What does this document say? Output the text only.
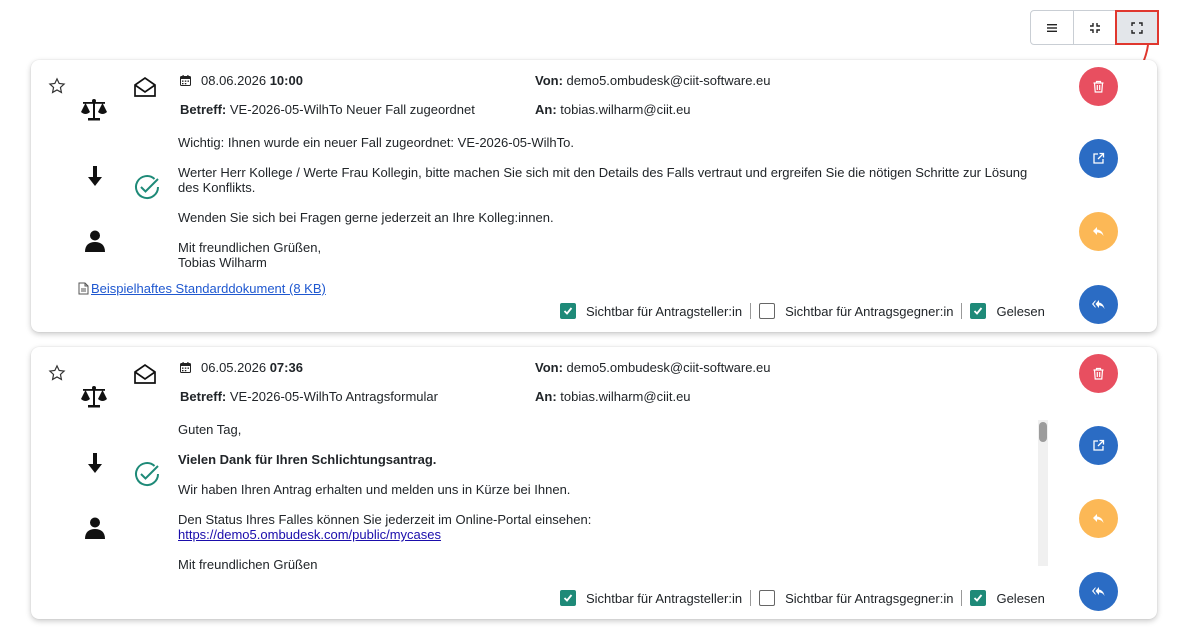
08.06.2026 10:00
Betreff: VE-2026-05-WilhTo Neuer Fall zugeordnet
Von: demo5.ombudesk@ciit-software.eu
An: tobias.wilharm@ciit.eu

Wichtig: Ihnen wurde ein neuer Fall zugeordnet: VE-2026-05-WilhTo.

Werter Herr Kollege / Werte Frau Kollegin, bitte machen Sie sich mit den Details des Falls vertraut und ergreifen Sie die nötigen Schritte zur Lösung des Konflikts.

Wenden Sie sich bei Fragen gerne jederzeit an Ihre Kolleg:innen.

Mit freundlichen Grüßen,
Tobias Wilharm

Beispielhaftes Standarddokument (8 KB)
Sichtbar für Antragsteller:in	Sichtbar für Antragsgegner:in	Gelesen
06.05.2026 07:36
Betreff: VE-2026-05-WilhTo Antragsformular
Von: demo5.ombudesk@ciit-software.eu
An: tobias.wilharm@ciit.eu

Guten Tag,

Vielen Dank für Ihren Schlichtungsantrag.

Wir haben Ihren Antrag erhalten und melden uns in Kürze bei Ihnen.

Den Status Ihres Falles können Sie jederzeit im Online-Portal einsehen:
https://demo5.ombudesk.com/public/mycases

Mit freundlichen Grüßen

Sichtbar für Antragsteller:in	Sichtbar für Antragsgegner:in	Gelesen
